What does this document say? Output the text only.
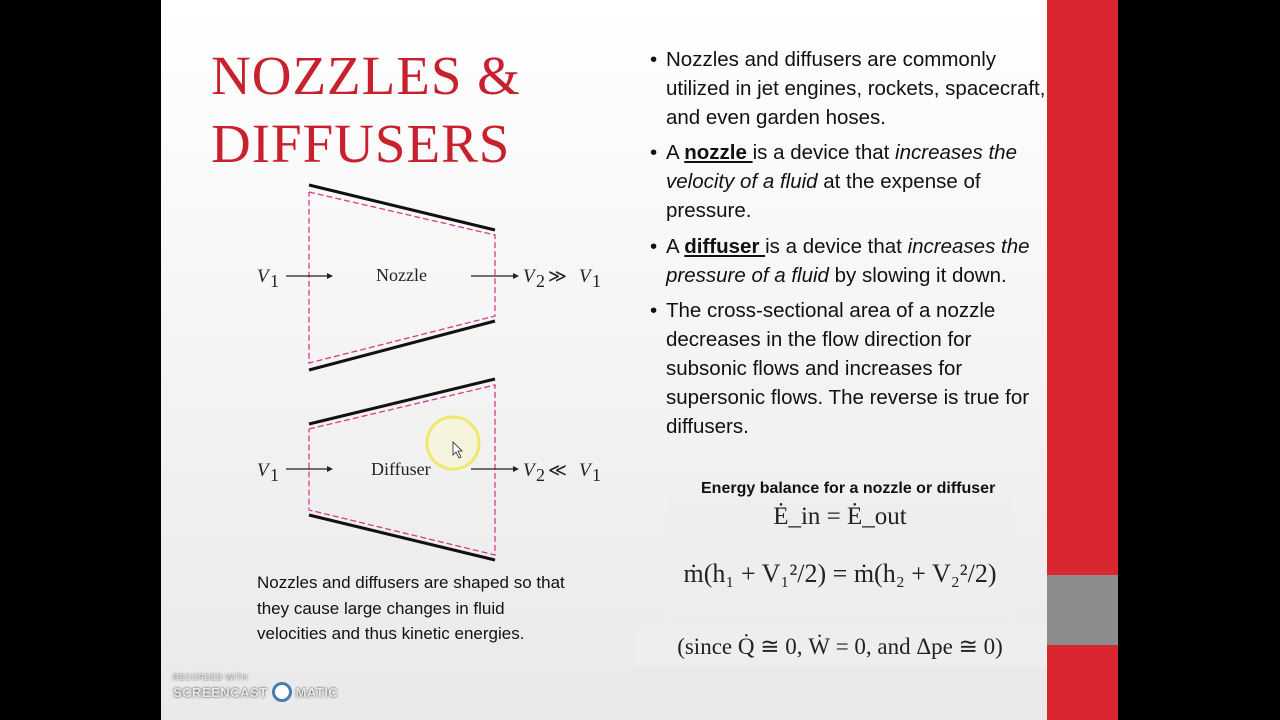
NOZZLES &
DIFFUSERS
V 1	Nozzle	V 2 ≫ V 1
V 1	Diffuser	V 2 ≪ V 1
• Nozzles and diffusers are commonly utilized in jet engines, rockets, spacecraft, and even garden hoses.
• A nozzle is a device that increases the velocity of a fluid at the expense of pressure.
• A diffuser is a device that increases the pressure of a fluid by slowing it down.
• The cross-sectional area of a nozzle decreases in the flow direction for subsonic flows and increases for supersonic flows. The reverse is true for diffusers.
Nozzles and diffusers are shaped so that they cause large changes in fluid velocities and thus kinetic energies.
Energy balance for a nozzle or diffuser
Ė_in = Ė_out
ṁ(h₁ + V₁²/2) = ṁ(h₂ + V₂²/2)
(since Q̇ ≅ 0, Ẇ = 0, and Δpe ≅ 0)
RECORDED WITH
SCREENCAST MATIC
